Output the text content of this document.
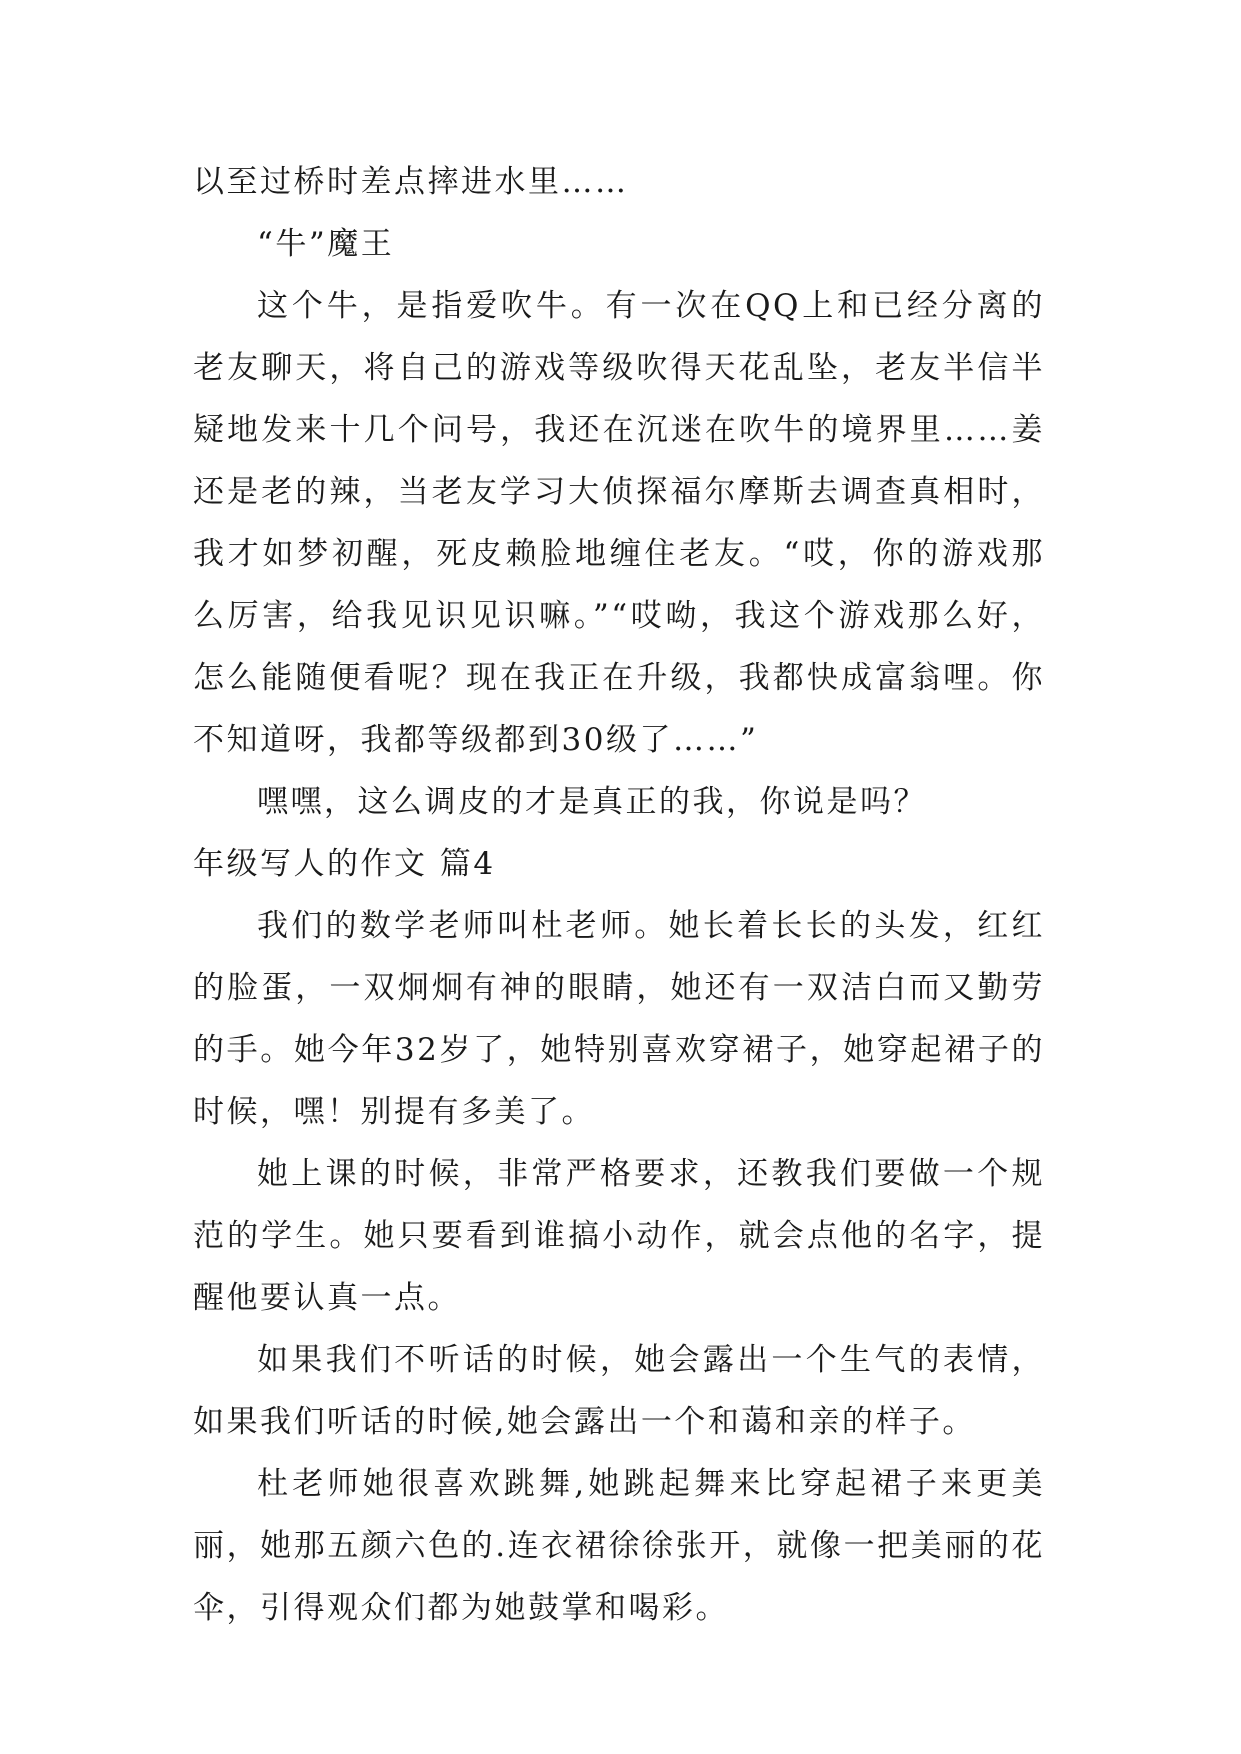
以至过桥时差点摔进水里……

“牛”魔王

这个牛，是指爱吹牛。有一次在QQ上和已经分离的老友聊天，将自己的游戏等级吹得天花乱坠，老友半信半疑地发来十几个问号，我还在沉迷在吹牛的境界里……姜还是老的辣，当老友学习大侦探福尔摩斯去调查真相时，我才如梦初醒，死皮赖脸地缠住老友。“哎，你的游戏那么厉害，给我见识见识嘛。”“哎呦，我这个游戏那么好，怎么能随便看呢？现在我正在升级，我都快成富翁哩。你不知道呀，我都等级都到30级了……”

嘿嘿，这么调皮的才是真正的我，你说是吗？

年级写人的作文 篇4

我们的数学老师叫杜老师。她长着长长的头发，红红的脸蛋，一双炯炯有神的眼睛，她还有一双洁白而又勤劳的手。她今年32岁了，她特别喜欢穿裙子，她穿起裙子的时候，嘿！别提有多美了。

她上课的时候，非常严格要求，还教我们要做一个规范的学生。她只要看到谁搞小动作，就会点他的名字，提醒他要认真一点。

如果我们不听话的时候，她会露出一个生气的表情，如果我们听话的时候,她会露出一个和蔼和亲的样子。

杜老师她很喜欢跳舞,她跳起舞来比穿起裙子来更美丽，她那五颜六色的.连衣裙徐徐张开，就像一把美丽的花伞，引得观众们都为她鼓掌和喝彩。
